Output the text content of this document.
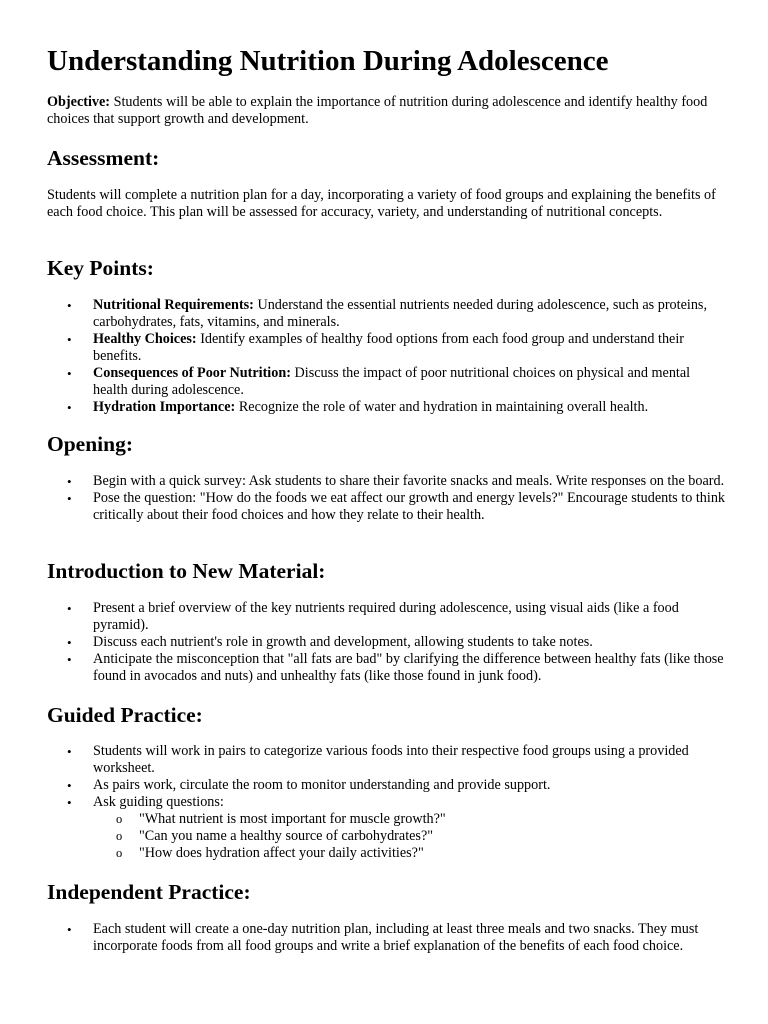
Understanding Nutrition During Adolescence

Objective: Students will be able to explain the importance of nutrition during adolescence and identify healthy food choices that support growth and development.

Assessment:

Students will complete a nutrition plan for a day, incorporating a variety of food groups and explaining the benefits of each food choice. This plan will be assessed for accuracy, variety, and understanding of nutritional concepts.

Key Points:
• Nutritional Requirements: Understand the essential nutrients needed during adolescence, such as proteins, carbohydrates, fats, vitamins, and minerals.
• Healthy Choices: Identify examples of healthy food options from each food group and understand their benefits.
• Consequences of Poor Nutrition: Discuss the impact of poor nutritional choices on physical and mental health during adolescence.
• Hydration Importance: Recognize the role of water and hydration in maintaining overall health.
Opening:
• Begin with a quick survey: Ask students to share their favorite snacks and meals. Write responses on the board.
• Pose the question: "How do the foods we eat affect our growth and energy levels?" Encourage students to think critically about their food choices and how they relate to their health.
Introduction to New Material:
• Present a brief overview of the key nutrients required during adolescence, using visual aids (like a food pyramid).
• Discuss each nutrient's role in growth and development, allowing students to take notes.
• Anticipate the misconception that "all fats are bad" by clarifying the difference between healthy fats (like those found in avocados and nuts) and unhealthy fats (like those found in junk food).
Guided Practice:
• Students will work in pairs to categorize various foods into their respective food groups using a provided worksheet.
• As pairs work, circulate the room to monitor understanding and provide support.
• Ask guiding questions:
o "What nutrient is most important for muscle growth?"
o "Can you name a healthy source of carbohydrates?"
o "How does hydration affect your daily activities?"
Independent Practice:
• Each student will create a one-day nutrition plan, including at least three meals and two snacks. They must incorporate foods from all food groups and write a brief explanation of the benefits of each food choice.
